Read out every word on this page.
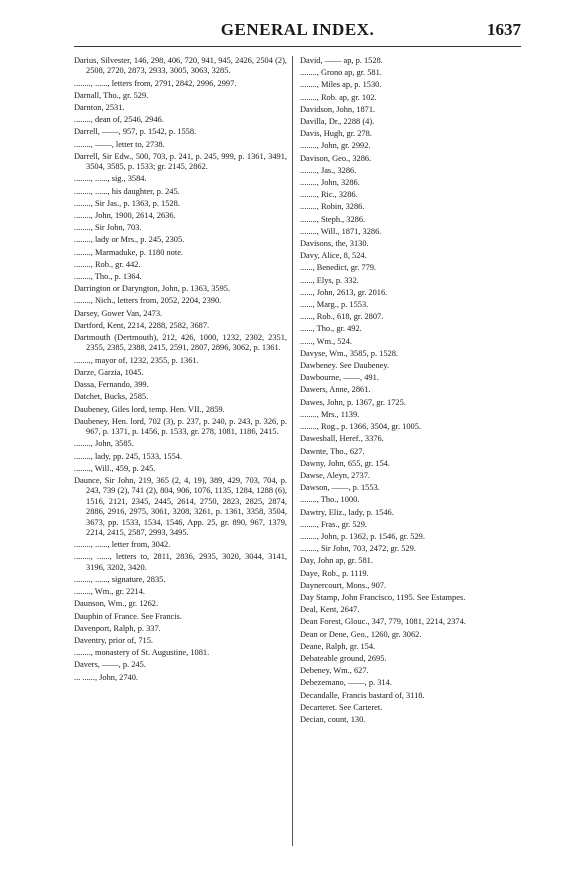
GENERAL INDEX.	1637

Darius, Silvester, 146, 298, 406, 720, 941, 945, 2426, 2504 (2), 2508, 2720, 2873, 2933, 3005, 3063, 3285.

........, ......, letters from, 2791, 2842, 2996, 2997.

Darnall, Tho., gr. 529.

Darnton, 2531.

........, dean of, 2546, 2946.

Darrell, ——, 957, p. 1542, p. 1558.

........, ——, letter to, 2738.

Darrell, Sir Edw., 500, 703, p. 241, p. 245, 999, p. 1361, 3491, 3504, 3585, p. 1533; gr. 2145, 2862.

........, ......, sig., 3584.

........, ......, his daughter, p. 245.

........, Sir Jas., p. 1363, p. 1528.

........, John, 1900, 2614, 2636.

........, Sir John, 703.

........, lady or Mrs., p. 245, 2305.

........, Marmaduke, p. 1180 note.

........, Rob., gr. 442.

........, Tho., p. 1364.

Darrington or Daryngton, John, p. 1363, 3595.

........, Nich., letters from, 2052, 2204, 2390.

Darsey, Gower Van, 2473.

Dartford, Kent, 2214, 2288, 2582, 3687.

Dartmouth (Dertmouth), 212, 426, 1000, 1232, 2302, 2351, 2355, 2385, 2388, 2415, 2591, 2807, 2896, 3062, p. 1361.

........, mayor of, 1232, 2355, p. 1361.

Darze, Garzia, 1045.

Dassa, Fernando, 399.

Datchet, Bucks, 2585.

Daubeney, Giles lord, temp. Hen. VII., 2859.

Daubeney, Hen. lord, 702 (3), p. 237, p. 240, p. 243, p. 326, p. 967, p. 1371, p. 1456, p. 1533, gr. 278, 1081, 1186, 2415.

........, John, 3585.

........, lady, pp. 245, 1533, 1554.

........, Will., 459, p. 245.

Daunce, Sir John, 219, 365 (2, 4, 19), 389, 429, 703, 704, p. 243, 739 (2), 741 (2), 804, 906, 1076, 1135, 1284, 1288 (6), 1516, 2121, 2345, 2445, 2614, 2750, 2823, 2825, 2874, 2886, 2916, 2975, 3061, 3208, 3261, p. 1361, 3358, 3504, 3673, pp. 1533, 1534, 1546, App. 25, gr. 890, 967, 1379, 2214, 2415, 2587, 2993, 3495.

........, ......, letter from, 3042.

........, ......, letters to, 2811, 2836, 2935, 3020, 3044, 3141, 3196, 3202, 3420.

........, ......, signature, 2835.

........, Wm., gr. 2214.

Daunson, Wm., gr. 1262.

Dauphin of France. See Francis.

Davenport, Ralph, p. 337.

Daventry, prior of, 715.

........, monastery of St. Augustine, 1081.

Davers, ——, p. 245.

... ......, John, 2740.

David, —— ap, p. 1528.

........, Grono ap, gr. 581.

........, Miles ap, p. 1530.

........, Rob. ap, gr. 102.

Davidson, John, 1871.

Davilla, Dr., 2288 (4).

Davis, Hugh, gr. 278.

........, John, gr. 2992.

Davison, Geo., 3286.

........, Jas., 3286.

........, John, 3286.

........, Ric., 3286.

........, Robin, 3286.

........, Steph., 3286.

........, Will., 1871, 3286.

Davisons, the, 3130.

Davy, Alice, 8, 524.

......, Benedict, gr. 779.

......, Elys, p. 332.

......, John, 2613, gr. 2016.

......, Marg., p. 1553.

......, Rob., 618, gr. 2807.

......, Tho., gr. 492.

......, Wm., 524.

Davyse, Wm., 3585, p. 1528.

Dawbeney. See Daubeney.

Dawbourne, ——, 491.

Dawers, Anne, 2861.

Dawes, John, p. 1367, gr. 1725.

........, Mrs., 1139.

........, Rog., p. 1366, 3504, gr. 1005.

Daweshall, Heref., 3376.

Dawnte, Tho., 627.

Dawny, John, 655, gr. 154.

Dawse, Aleyn, 2737.

Dawson, ——, p. 1553.

........, Tho., 1000.

Dawtry, Eliz., lady, p. 1546.

........, Fras., gr. 529.

........, John, p. 1362, p. 1546, gr. 529.

........, Sir John, 703, 2472, gr. 529.

Day, John ap, gr. 581.

Daye, Rob., p. 1119.

Daynercourt, Mons., 907.

Day Stamp, John Francisco, 1195. See Estampes.

Deal, Kent, 2647.

Dean Forest, Glouc., 347, 779, 1081, 2214, 2374.

Dean or Dene, Geo., 1260, gr. 3062.

Deane, Ralph, gr. 154.

Debateable ground, 2695.

Debeney, Wm., 627.

Debezemano, ——, p. 314.

Decandalle, Francis bastard of, 3118.

Decarteret. See Carteret.

Decian, count, 130.
